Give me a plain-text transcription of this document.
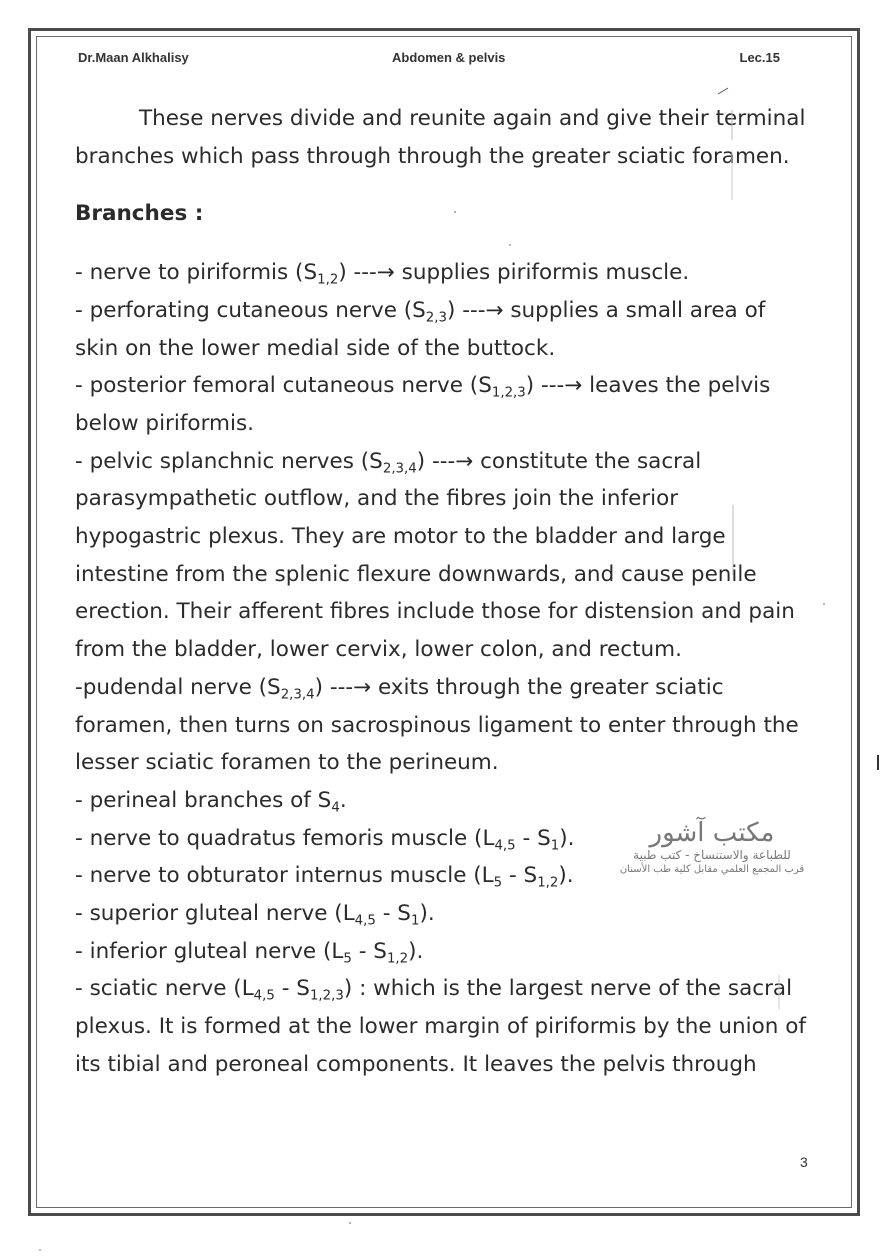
Dr.Maan Alkhalisy	Abdomen & pelvis	Lec.15

These nerves divide and reunite again and give their terminal branches which pass through through the greater sciatic foramen.

Branches :

- nerve to piriformis $(S_{1,2})$ ---→ supplies piriformis muscle.

- perforating cutaneous nerve $(S_{2,3})$ ---→ supplies a small area of skin on the lower medial side of the buttock.

- posterior femoral cutaneous nerve $(S_{1,2,3})$ ---→ leaves the pelvis below piriformis.

- pelvic splanchnic nerves $(S_{2,3,4})$ ---→ constitute the sacral parasympathetic outflow, and the fibres join the inferior hypogastric plexus. They are motor to the bladder and large intestine from the splenic flexure downwards, and cause penile erection. Their afferent fibres include those for distension and pain from the bladder, lower cervix, lower colon, and rectum.

-pudendal nerve $(S_{2,3,4})$ ---→ exits through the greater sciatic foramen, then turns on sacrospinous ligament to enter through the lesser sciatic foramen to the perineum.

- perineal branches of $S_4$.

- nerve to quadratus femoris muscle $(L_{4,5} - S_1)$.

- nerve to obturator internus muscle $(L_5 - S_{1,2})$.

- superior gluteal nerve $(L_{4,5} - S_1)$.

- inferior gluteal nerve $(L_5 - S_{1,2})$.

- sciatic nerve $(L_{4,5} - S_{1,2,3})$ : which is the largest nerve of the sacral plexus. It is formed at the lower margin of piriformis by the union of its tibial and peroneal components. It leaves the pelvis through

مكتب آشور
للطباعة والاستنساخ - كتب طبية
قرب المجمع العلمي مقابل كلية طب الأسنان
3
